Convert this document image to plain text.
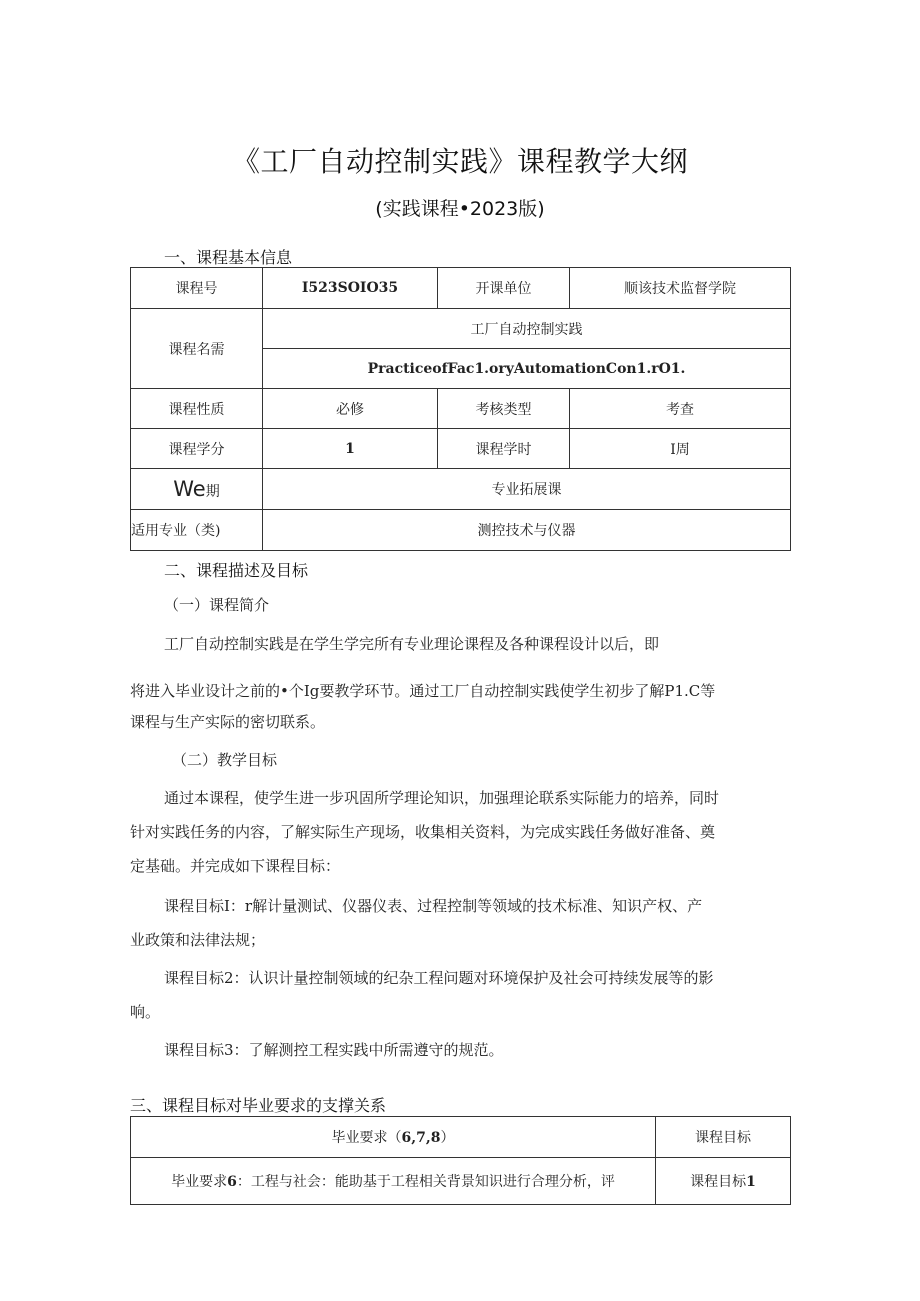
《工厂自动控制实践》课程教学大纲
(实践课程•2023版)
一、课程基本信息
课程号	I523SOIO35	开课单位	顺该技术监督学院
课程名需	工厂自动控制实践		
	PracticeofFac1.oryAutomationCon1.rO1.		
课程性质	必修	考核类型	考查
课程学分	1	课程学时	I周
We期	专业拓展课		
适用专业（类)	测控技术与仪器		
二、课程描述及目标
（一）课程简介
工厂自动控制实践是在学生学完所有专业理论课程及各种课程设计以后，即
将进入毕业设计之前的•个Ig要教学环节。通过工厂自动控制实践使学生初步了解P1.C等
课程与生产实际的密切联系。
（二）教学目标
通过本课程，使学生进一步巩固所学理论知识，加强理论联系实际能力的培养，同时
针对实践任务的内容，了解实际生产现场，收集相关资料，为完成实践任务做好准备、奠
定基础。并完成如下课程目标：
课程目标I：r解计量测试、仪器仪表、过程控制等领域的技术标准、知识产权、产
业政策和法律法规；
课程目标2：认识计量控制领域的纪杂工程问题对环境保护及社会可持续发展等的影
响。
课程目标3：了解测控工程实践中所需遵守的规范。
三、课程目标对毕业要求的支撑关系
毕业要求（6,7,8）	课程目标
毕业要求6：工程与社会：能助基于工程相关背景知识进行合理分析，评	课程目标1
